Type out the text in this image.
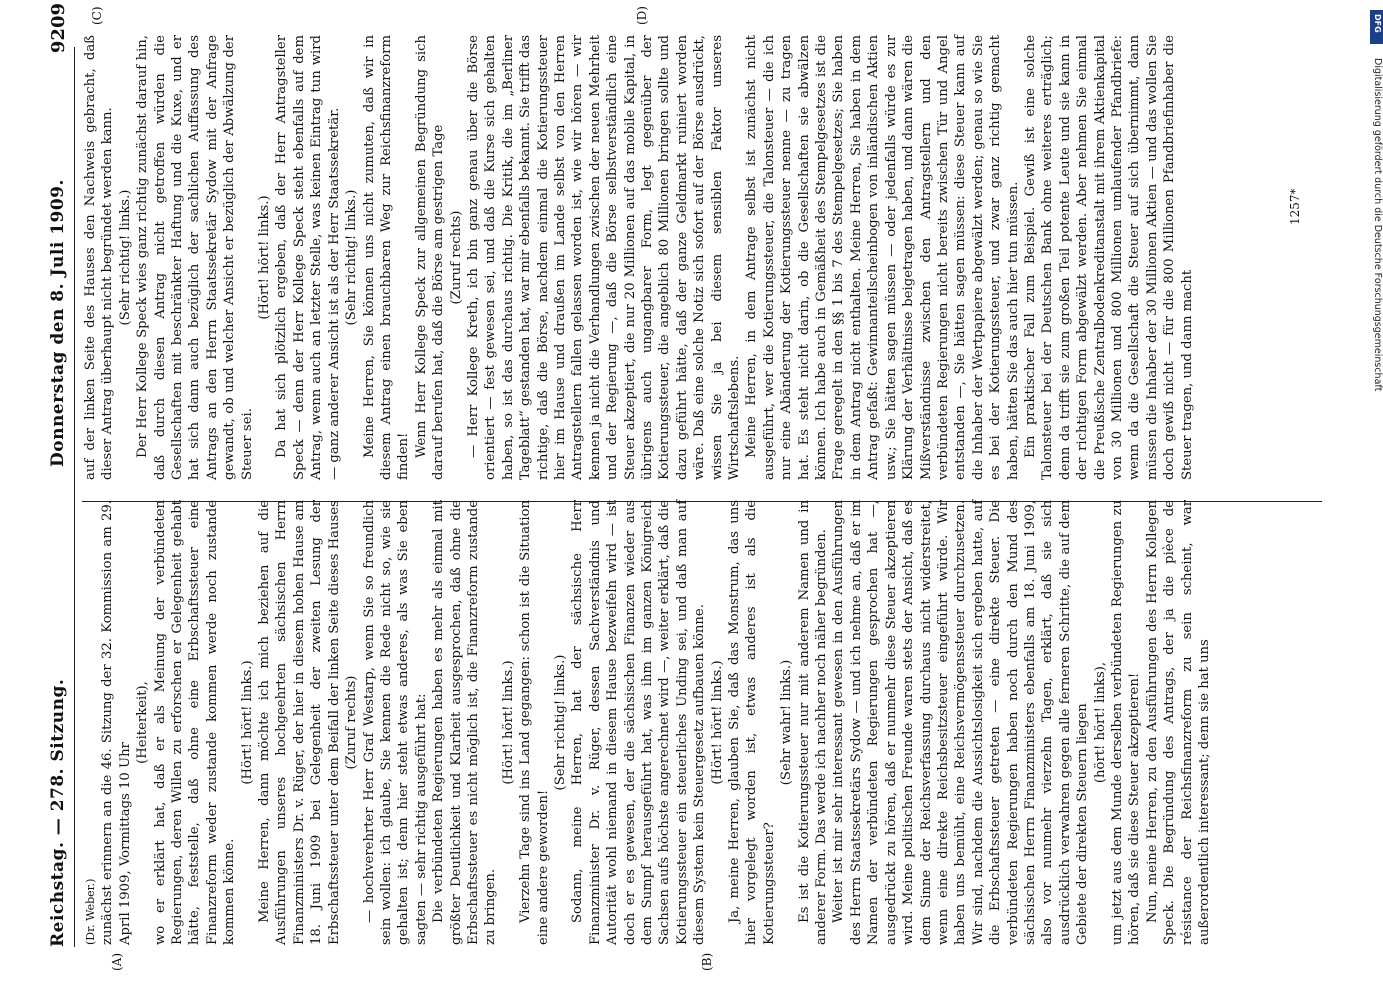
Reichstag. — 278. Sitzung.
Donnerstag den 8. Juli 1909.
9209
(A)	(B)
(C)	(D)

(Dr. Weber.) zunächst erinnern an die 46. Sitzung der 32. Kommission am 29. April 1909, Vormittags 10 Uhr

(Heiterkeit), wo er erklärt hat, daß er als Meinung der verbündeten Regierungen, deren Willen zu erforschen er Gelegenheit gehabt hätte, feststelle, daß ohne eine Erbschaftssteuer eine Finanzreform weder zustande kommen werde noch zustande kommen könne.

(Hört! hört! links.) Meine Herren, dann möchte ich mich beziehen auf die Ausführungen unseres hochgeehrten sächsischen Herrn Finanzministers Dr. v. Rüger, der hier in diesem hohen Hause am 18. Juni 1909 bei Gelegenheit der zweiten Lesung der Erbschaftssteuer unter dem Beifall der linken Seite dieses Hauses (Zuruf rechts) — hochverehrter Herr Graf Westarp, wenn Sie so freundlich sein wollen: ich glaube, Sie kennen die Rede nicht so, wie sie gehalten ist; denn hier steht etwas anderes, als was Sie eben sagten — sehr richtig ausgeführt hat: Die verbündeten Regierungen haben es mehr als einmal mit größter Deutlichkeit und Klarheit ausgesprochen, daß ohne die Erbschaftssteuer es nicht möglich ist, die Finanzreform zustande zu bringen.

(Hört! hört! links.) Vierzehn Tage sind ins Land gegangen: schon ist die Situation eine andere geworden!

(Sehr richtig! links.) Sodann, meine Herren, hat der sächsische Herr Finanzminister Dr. v. Rüger, dessen Sachverständnis und Autorität wohl niemand in diesem Hause bezweifeln wird — ist doch er es gewesen, der die sächsischen Finanzen wieder aus dem Sumpf herausgeführt hat, was ihm im ganzen Königreich Sachsen aufs höchste angerechnet wird —, weiter erklärt, daß die Kotierungssteuer ein steuerliches Unding sei, und daß man auf diesem System kein Steuergesetz aufbauen könne. (Hört! hört! links.) Ja, meine Herren, glauben Sie, daß das Monstrum, das uns hier vorgelegt worden ist, etwas anderes ist als die Kotierungssteuer?

(Sehr wahr! links.) Es ist die Kotierungssteuer nur mit anderem Namen und in anderer Form. Das werde ich nachher noch näher begründen. Weiter ist mir sehr interessant gewesen in den Ausführungen des Herrn Staatssekretärs Sydow — und ich nehme an, daß er im Namen der verbündeten Regierungen gesprochen hat —, ausgedrückt zu hören, daß er nunmehr diese Steuer akzeptieren wird. Meine politischen Freunde waren stets der Ansicht, daß es dem Sinne der Reichsverfassung durchaus nicht widerstreitet, wenn eine direkte Reichsbesitzsteuer eingeführt würde. Wir haben uns bemüht, eine Reichsvermögenssteuer durchzusetzen. Wir sind, nachdem die Aussichtslosigkeit sich ergeben hatte, auf die Erbschaftssteuer getreten — eine direkte Steuer. Die verbündeten Regierungen haben noch durch den Mund des sächsischen Herrn Finanzministers ebenfalls am 18. Juni 1909, also vor nunmehr vierzehn Tagen, erklärt, daß sie sich ausdrücklich verwahren gegen alle ferneren Schritte, die auf dem Gebiete der direkten Steuern liegen (hört! hört! links), um jetzt aus dem Munde derselben verbündeten Regierungen zu hören, daß sie diese Steuer akzeptieren! Nun, meine Herren, zu den Ausführungen des Herrn Kollegen Speck. Die Begründung des Antrags, der ja die pièce de résistance der Reichsfinanzreform zu sein scheint, war außerordentlich interessant; denn sie hat uns

auf der linken Seite des Hauses den Nachweis gebracht, daß dieser Antrag überhaupt nicht begründet werden kann. (Sehr richtig! links.) Der Herr Kollege Speck wies ganz richtig zunächst darauf hin, daß durch diesen Antrag nicht getroffen würden die Gesellschaften mit beschränkter Haftung und die Kuxe, und er hat sich dann auch bezüglich der sachlichen Auffassung des Antrags an den Herrn Staatssekretär Sydow mit der Anfrage gewandt, ob und welcher Ansicht er bezüglich der Abwälzung der Steuer sei.

(Hört! hört! links.) Da hat sich plötzlich ergeben, daß der Herr Antragsteller Speck — denn der Herr Kollege Speck steht ebenfalls auf dem Antrag, wenn auch an letzter Stelle, was keinen Eintrag tun wird — ganz anderer Ansicht ist als der Herr Staatssekretär. (Sehr richtig! links.) Meine Herren, Sie können uns nicht zumuten, daß wir in diesem Antrag einen brauchbaren Weg zur Reichsfinanzreform finden! Wenn Herr Kollege Speck zur allgemeinen Begründung sich darauf berufen hat, daß die Börse am gestrigen Tage (Zuruf rechts) — Herr Kollege Kreth, ich bin ganz genau über die Börse orientiert — fest gewesen sei, und daß die Kurse sich gehalten haben, so ist das durchaus richtig. Die Kritik, die im „Berliner Tageblatt“ gestanden hat, war mir ebenfalls bekannt. Sie trifft das richtige, daß die Börse, nachdem einmal die Kotierungssteuer hier im Hause und draußen im Lande selbst von den Herren Antragstellern fallen gelassen worden ist, wie wir hören — wir kennen ja nicht die Verhandlungen zwischen der neuen Mehrheit und der Regierung —, daß die Börse selbstverständlich eine Steuer akzeptiert, die nur 20 Millionen auf das mobile Kapital, in übrigens auch ungangbarer Form, legt gegenüber der Kotierungssteuer, die angeblich 80 Millionen bringen sollte und dazu geführt hätte, daß der ganze Geldmarkt ruiniert worden wäre. Daß eine solche Notiz sich sofort auf der Börse ausdrückt, wissen Sie ja bei diesem sensiblen Faktor unseres Wirtschaftslebens. Meine Herren, in dem Antrage selbst ist zunächst nicht ausgeführt, wer die Kotierungssteuer, die Talonsteuer — die ich nur eine Abänderung der Kotierungssteuer nenne — zu tragen hat. Es steht nicht darin, ob die Gesellschaften sie abwälzen können. Ich habe auch in Gemäßheit des Stempelgesetzes ist die Frage geregelt in den §§ 1 bis 7 des Stempelgesetzes; Sie haben in dem Antrag nicht enthalten. Meine Herren, Sie haben in dem Antrag gefaßt: Gewinnanteilscheinbogen von inländischen Aktien usw.; Sie hätten sagen müssen — oder jedenfalls würde es zur Klärung der Verhältnisse beigetragen haben, und dann wären die Mißverständnisse zwischen den Antragstellern und den verbündeten Regierungen nicht bereits zwischen Tür und Angel entstanden —, Sie hätten sagen müssen: diese Steuer kann auf die Inhaber der Wertpapiere abgewälzt werden; genau so wie Sie es bei der Kotierungssteuer, und zwar ganz richtig gemacht haben, hätten Sie das auch hier tun müssen. Ein praktischer Fall zum Beispiel. Gewiß ist eine solche Talonsteuer bei der Deutschen Bank ohne weiteres erträglich; denn da trifft sie zum großen Teil potente Leute und sie kann in der richtigen Form abgewälzt werden. Aber nehmen Sie einmal die Preußische Zentralbodenkreditanstalt mit ihrem Aktienkapital von 30 Millionen und 800 Millionen umlaufender Pfandbriefe: wenn da die Gesellschaft die Steuer auf sich übernimmt, dann müssen die Inhaber der 30 Millionen Aktien — und das wollen Sie doch gewiß nicht — für die 800 Millionen Pfandbriefinhaber die Steuer tragen, und dann macht

1257*
DFG
Digitalisierung gefördert durch die Deutsche Forschungsgemeinschaft
